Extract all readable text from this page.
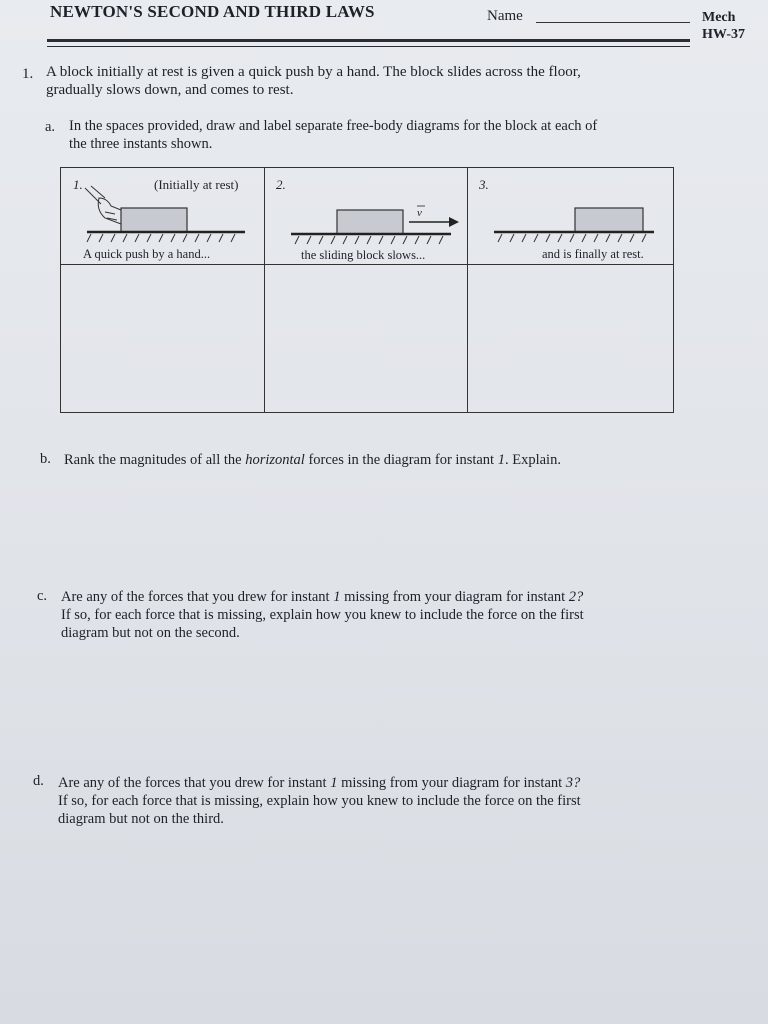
NEWTON'S SECOND AND THIRD LAWS	Name	Mech
HW-37
1. A block initially at rest is given a quick push by a hand. The block slides across the floor,
gradually slows down, and comes to rest.
a. In the spaces provided, draw and label separate free-body diagrams for the block at each of
the three instants shown.
1.	(Initially at rest)
A quick push by a hand...
2.
v
the sliding block slows...
3.
and is finally at rest.
b. Rank the magnitudes of all the horizontal forces in the diagram for instant 1. Explain.
c. Are any of the forces that you drew for instant 1 missing from your diagram for instant 2?
If so, for each force that is missing, explain how you knew to include the force on the first
diagram but not on the second.
d. Are any of the forces that you drew for instant 1 missing from your diagram for instant 3?
If so, for each force that is missing, explain how you knew to include the force on the first
diagram but not on the third.
